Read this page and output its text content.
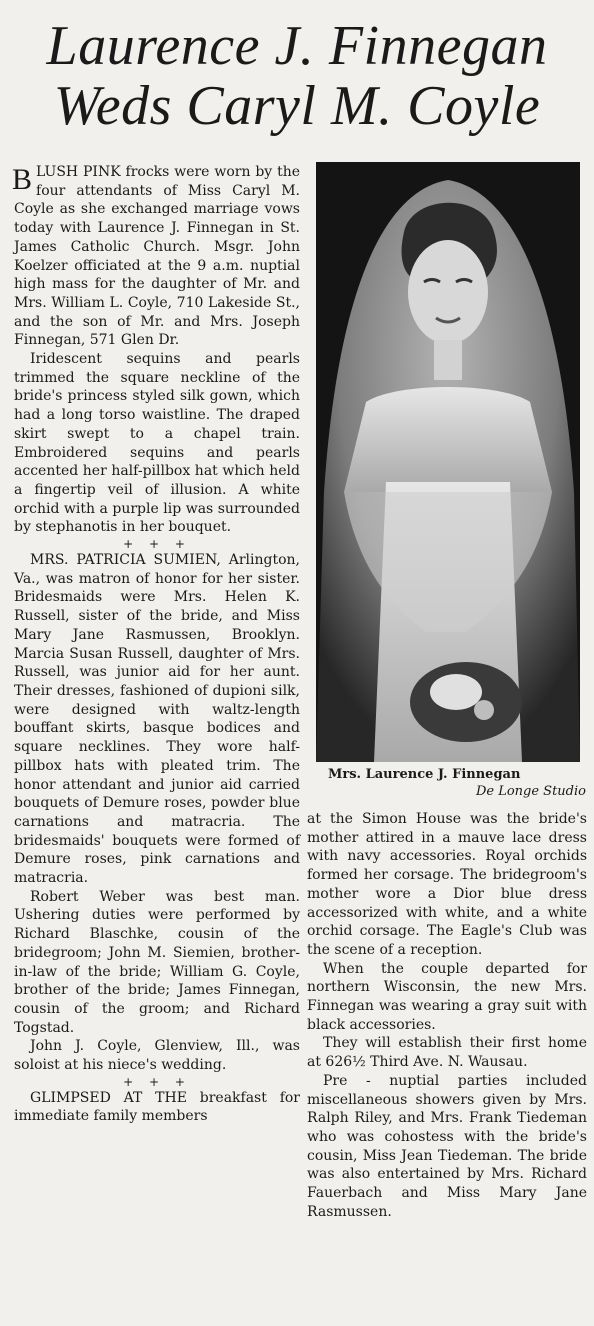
Laurence J. Finnegan
Weds Caryl M. Coyle

BLUSH PINK frocks were worn by the four attendants of Miss Caryl M. Coyle as she exchanged marriage vows today with Laurence J. Finnegan in St. James Catholic Church. Msgr. John Koelzer officiated at the 9 a.m. nuptial high mass for the daughter of Mr. and Mrs. William L. Coyle, 710 Lakeside St., and the son of Mr. and Mrs. Joseph Finnegan, 571 Glen Dr.

Iridescent sequins and pearls trimmed the square neckline of the bride's princess styled silk gown, which had a long torso waistline. The draped skirt swept to a chapel train. Embroidered sequins and pearls accented her half-pillbox hat which held a fingertip veil of illusion. A white orchid with a purple lip was surrounded by stephanotis in her bouquet.

+ + +

MRS. PATRICIA SUMIEN, Arlington, Va., was matron of honor for her sister. Bridesmaids were Mrs. Helen K. Russell, sister of the bride, and Miss Mary Jane Rasmussen, Brooklyn. Marcia Susan Russell, daughter of Mrs. Russell, was junior aid for her aunt. Their dresses, fashioned of dupioni silk, were designed with waltz-length bouffant skirts, basque bodices and square necklines. They wore half-pillbox hats with pleated trim. The honor attendant and junior aid carried bouquets of Demure roses, powder blue carnations and matracria. The bridesmaids' bouquets were formed of Demure roses, pink carnations and matracria.

Robert Weber was best man. Ushering duties were performed by Richard Blaschke, cousin of the bridegroom; John M. Siemien, brother-in-law of the bride; William G. Coyle, brother of the bride; James Finnegan, cousin of the groom; and Richard Togstad.

John J. Coyle, Glenview, Ill., was soloist at his niece's wedding.

+ + +

GLIMPSED AT THE breakfast for immediate family members

Mrs. Laurence J. Finnegan
De Longe Studio

at the Simon House was the bride's mother attired in a mauve lace dress with navy accessories. Royal orchids formed her corsage. The bridegroom's mother wore a Dior blue dress accessorized with white, and a white orchid corsage. The Eagle's Club was the scene of a reception.

When the couple departed for northern Wisconsin, the new Mrs. Finnegan was wearing a gray suit with black accessories.

They will establish their first home at 626½ Third Ave. N. Wausau.

Pre - nuptial parties included miscellaneous showers given by Mrs. Ralph Riley, and Mrs. Frank Tiedeman who was cohostess with the bride's cousin, Miss Jean Tiedeman. The bride was also entertained by Mrs. Richard Fauerbach and Miss Mary Jane Rasmussen.
